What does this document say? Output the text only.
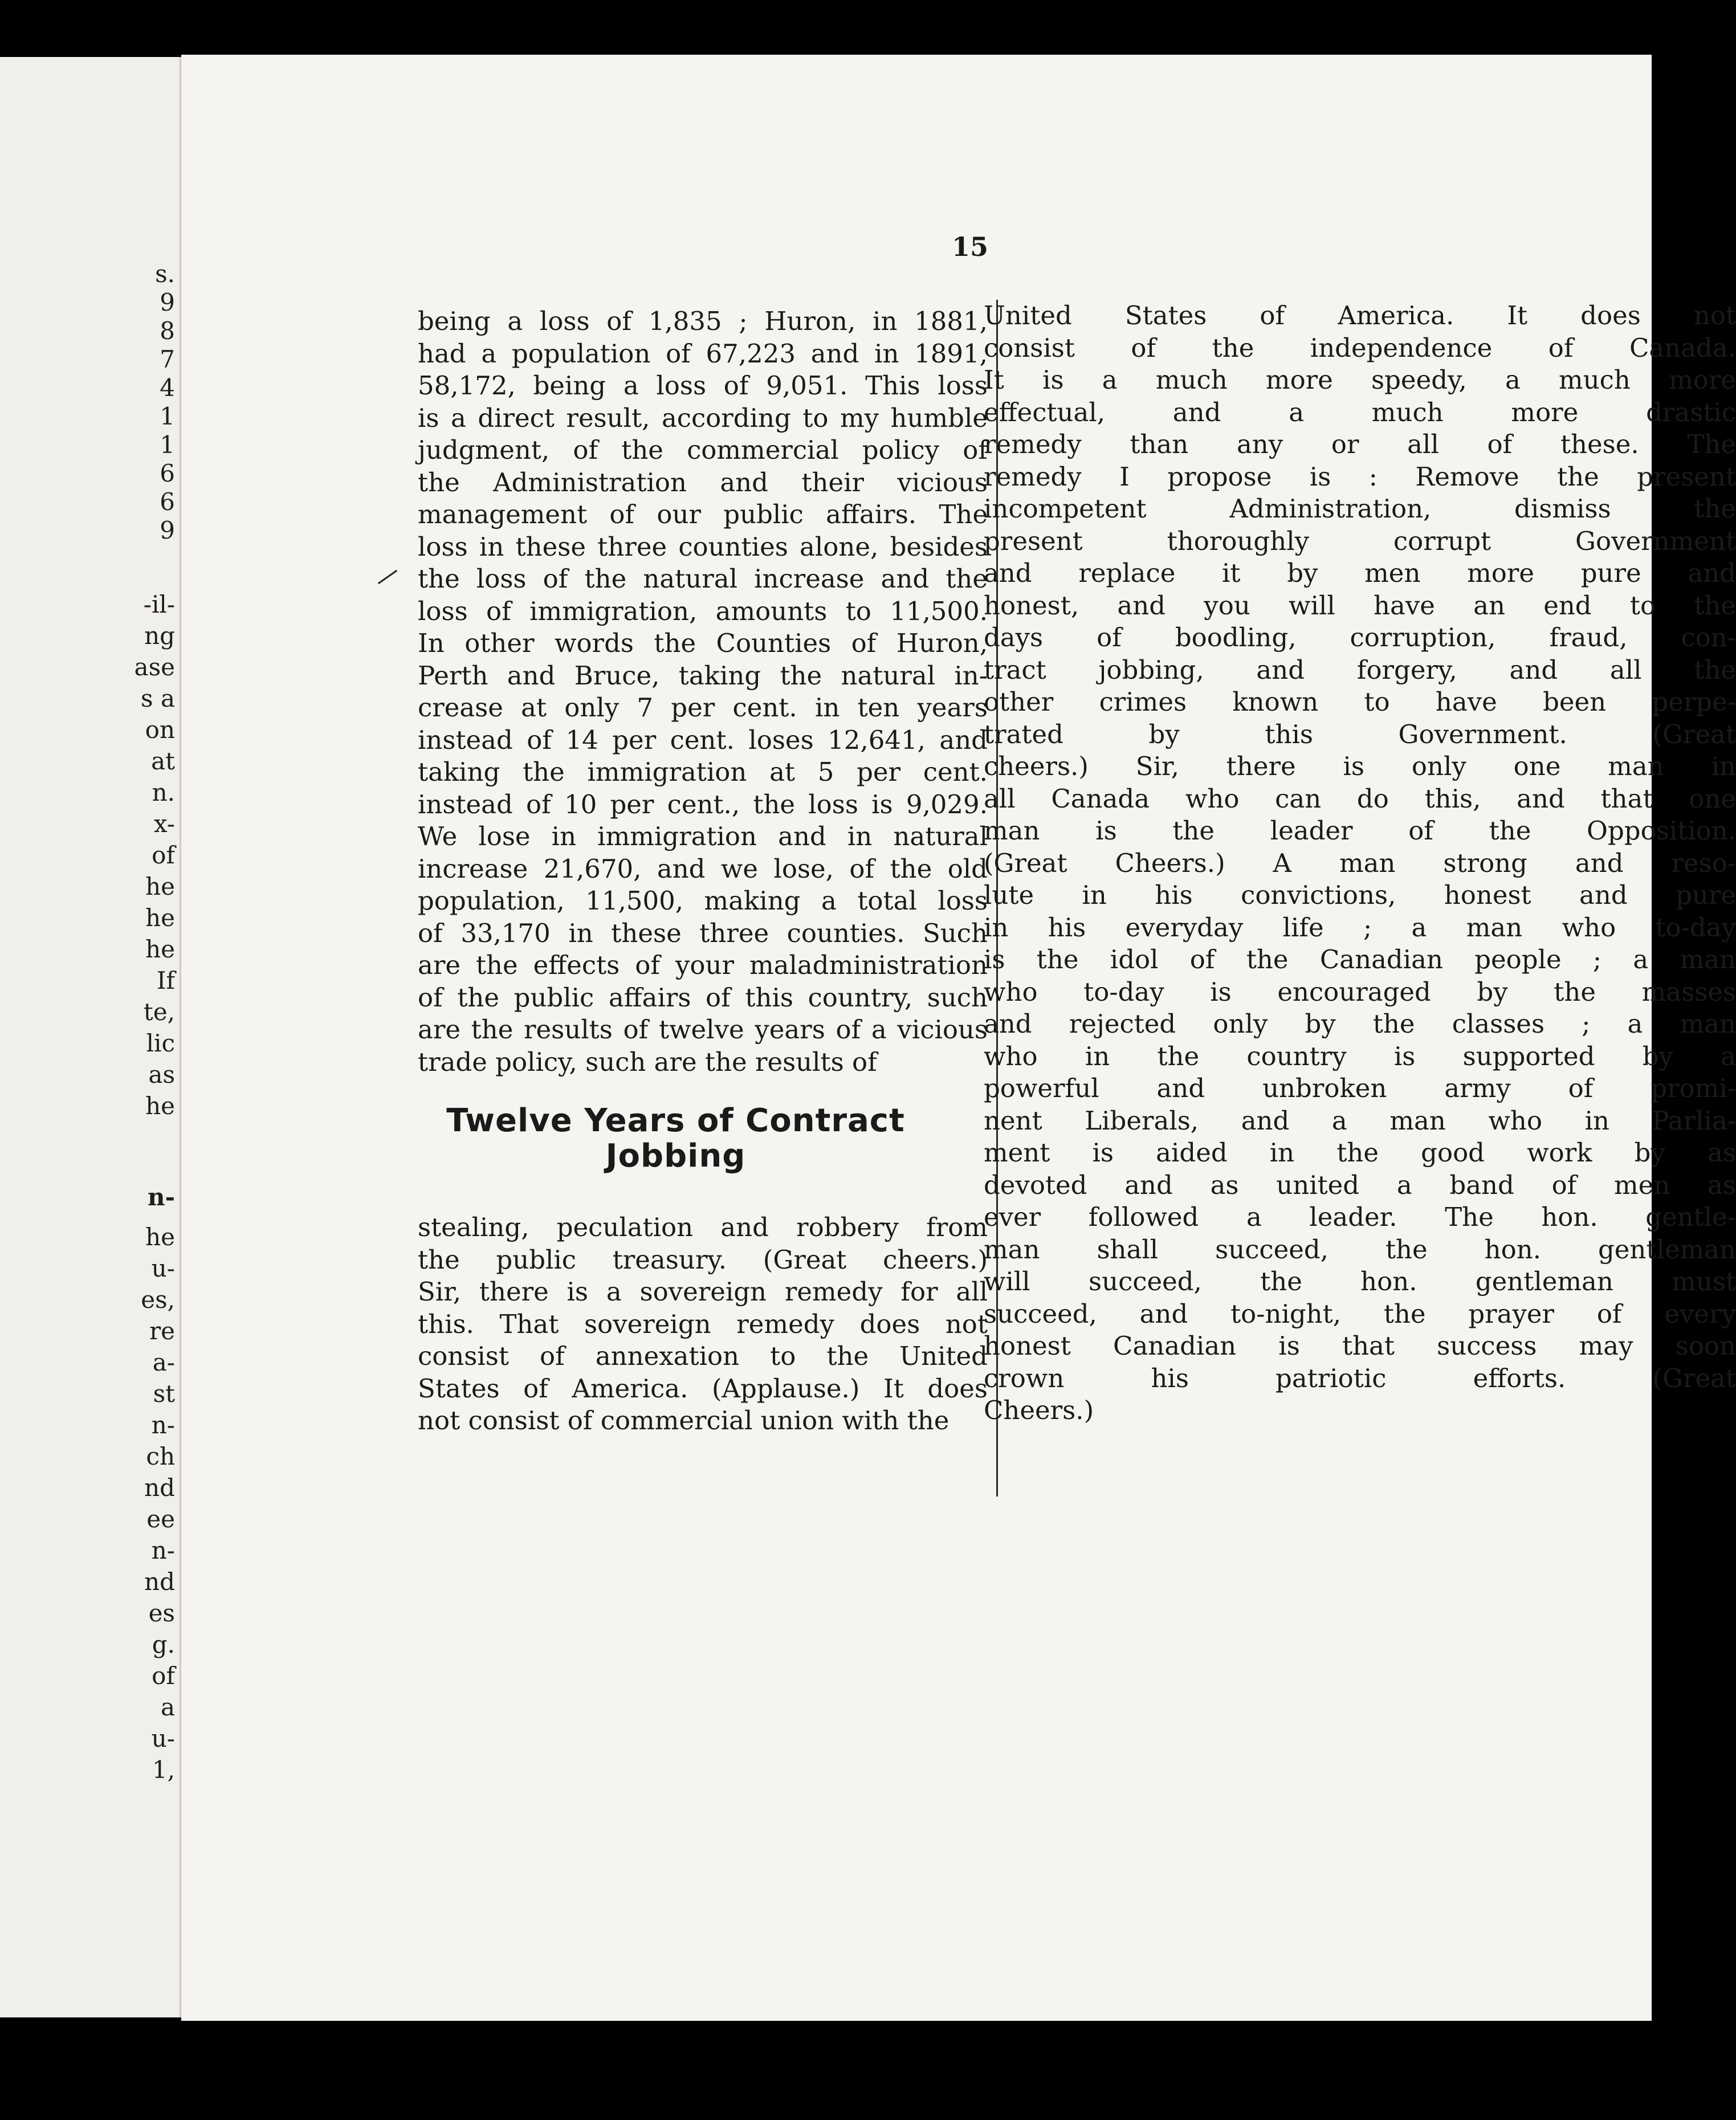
s.

9

8

7

4

1

1

6

6

9

-il-

ng

ase

s a

on

at

n.

x-

of

he

he

he

If

te,

lic

as

he

n-

he

u-

es,

re

a-

st

n-

ch

nd

ee

n-

nd

es

g.

of

a

u-

1,

15

being a loss of 1,835 ; Huron, in 1881,

had a population of 67,223 and in 1891,

58,172, being a loss of 9,051. This loss

is a direct result, according to my humble

judgment, of the commercial policy of

the Administration and their vicious

management of our public affairs. The

loss in these three counties alone, besides

the loss of the natural increase and the

loss of immigration, amounts to 11,500.

In other words the Counties of Huron,

Perth and Bruce, taking the natural in-

crease at only 7 per cent. in ten years

instead of 14 per cent. loses 12,641, and

taking the immigration at 5 per cent.

instead of 10 per cent., the loss is 9,029.

We lose in immigration and in natural

increase 21,670, and we lose, of the old

population, 11,500, making a total loss

of 33,170 in these three counties. Such

are the effects of your maladministration

of the public affairs of this country, such

are the results of twelve years of a vicious

trade policy, such are the results of

Twelve Years of Contract
Jobbing

stealing, peculation and robbery from

the public treasury. (Great cheers.)

Sir, there is a sovereign remedy for all

this. That sovereign remedy does not

consist of annexation to the United

States of America. (Applause.) It does

not consist of commercial union with the

United States of America. It does not

consist of the independence of Canada.

It is a much more speedy, a much more

effectual, and a much more drastic

remedy than any or all of these. The

remedy I propose is : Remove the present

incompetent Administration, dismiss the

present thoroughly corrupt Government

and replace it by men more pure and

honest, and you will have an end to the

days of boodling, corruption, fraud, con-

tract jobbing, and forgery, and all the

other crimes known to have been perpe-

trated by this Government. (Great

cheers.) Sir, there is only one man in

all Canada who can do this, and that one

man is the leader of the Opposition.

(Great Cheers.) A man strong and reso-

lute in his convictions, honest and pure

in his everyday life ; a man who to-day

is the idol of the Canadian people ; a man

who to-day is encouraged by the masses

and rejected only by the classes ; a man

who in the country is supported by a

powerful and unbroken army of promi-

nent Liberals, and a man who in Parlia-

ment is aided in the good work by as

devoted and as united a band of men as

ever followed a leader. The hon. gentle-

man shall succeed, the hon. gentleman

will succeed, the hon. gentleman must

succeed, and to-night, the prayer of every

honest Canadian is that success may soon

crown his patriotic efforts. (Great

Cheers.)
